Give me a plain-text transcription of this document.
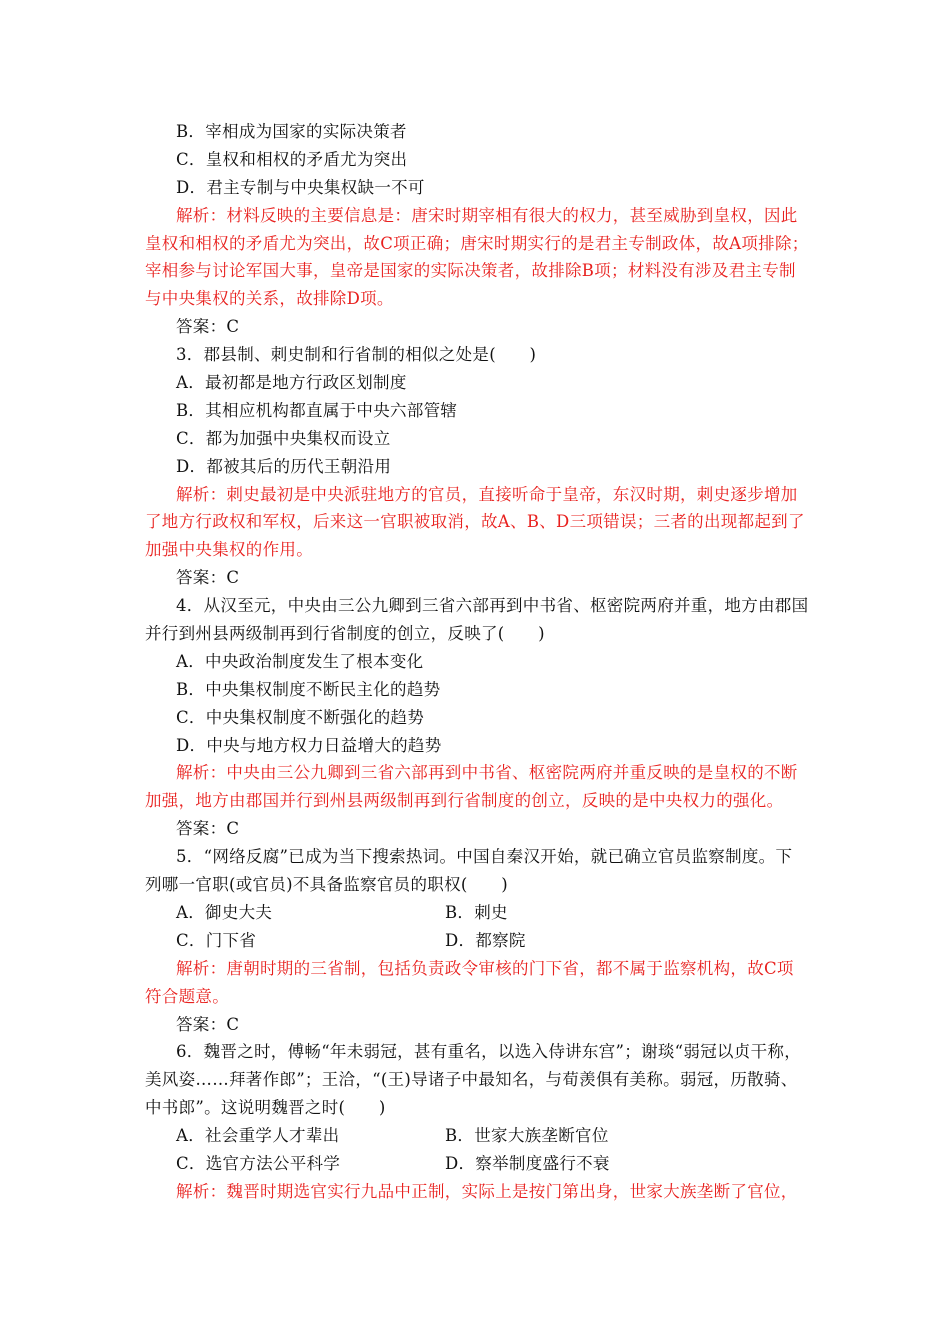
B．宰相成为国家的实际决策者
C．皇权和相权的矛盾尤为突出
D．君主专制与中央集权缺一不可
解析：材料反映的主要信息是：唐宋时期宰相有很大的权力，甚至威胁到皇权，因此
皇权和相权的矛盾尤为突出，故C项正确；唐宋时期实行的是君主专制政体，故A项排除；
宰相参与讨论军国大事，皇帝是国家的实际决策者，故排除B项；材料没有涉及君主专制
与中央集权的关系，故排除D项。
答案：C
3．郡县制、刺史制和行省制的相似之处是(　　)
A．最初都是地方行政区划制度
B．其相应机构都直属于中央六部管辖
C．都为加强中央集权而设立
D．都被其后的历代王朝沿用
解析：刺史最初是中央派驻地方的官员，直接听命于皇帝，东汉时期，刺史逐步增加
了地方行政权和军权，后来这一官职被取消，故A、B、D三项错误；三者的出现都起到了
加强中央集权的作用。
答案：C
4．从汉至元，中央由三公九卿到三省六部再到中书省、枢密院两府并重，地方由郡国
并行到州县两级制再到行省制度的创立，反映了(　　)
A．中央政治制度发生了根本变化
B．中央集权制度不断民主化的趋势
C．中央集权制度不断强化的趋势
D．中央与地方权力日益增大的趋势
解析：中央由三公九卿到三省六部再到中书省、枢密院两府并重反映的是皇权的不断
加强，地方由郡国并行到州县两级制再到行省制度的创立，反映的是中央权力的强化。
答案：C
5．“网络反腐”已成为当下搜索热词。中国自秦汉开始，就已确立官员监察制度。下
列哪一官职(或官员)不具备监察官员的职权(　　)
A．御史大夫	B．刺史
C．门下省	D．都察院
解析：唐朝时期的三省制，包括负责政令审核的门下省，都不属于监察机构，故C项
符合题意。
答案：C
6．魏晋之时，傅畅“年未弱冠，甚有重名，以选入侍讲东宫”；谢琰“弱冠以贞干称，
美风姿……拜著作郎”；王洽，“(王)导诸子中最知名，与荀羡俱有美称。弱冠，历散骑、
中书郎”。这说明魏晋之时(　　)
A．社会重学人才辈出	B．世家大族垄断官位
C．选官方法公平科学	D．察举制度盛行不衰
解析：魏晋时期选官实行九品中正制，实际上是按门第出身，世家大族垄断了官位，
